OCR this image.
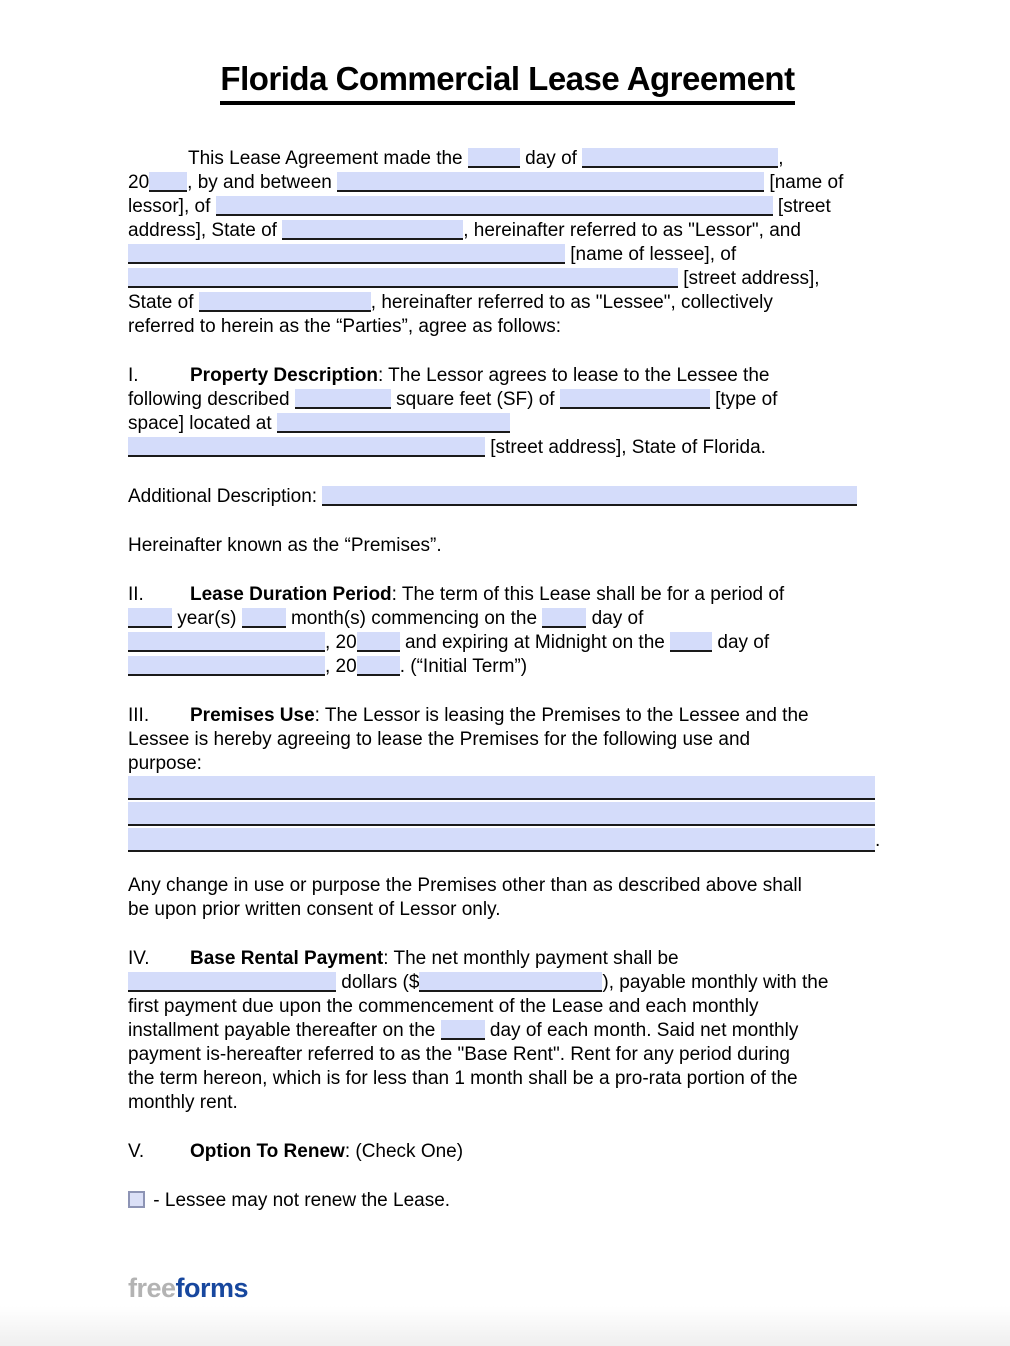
Florida Commercial Lease Agreement
This Lease Agreement made the	day of	,
20 , by and between	[name of
lessor], of	[street
address], State of	, hereinafter referred to as "Lessor", and
[name of lessee], of
[street address],
State of	, hereinafter referred to as "Lessee", collectively
referred to herein as the “Parties”, agree as follows:
I.	Property Description: The Lessor agrees to lease to the Lessee the
following described	square feet (SF) of	[type of
space] located at
[street address], State of Florida.
Additional Description:
Hereinafter known as the “Premises”.
II. Lease Duration Period: The term of this Lease shall be for a period of
year(s)  month(s) commencing on the  day of
, 20 and expiring at Midnight on the  day of
, 20 . (“Initial Term”)
III. Premises Use: The Lessor is leasing the Premises to the Lessee and the
Lessee is hereby agreeing to lease the Premises for the following use and
purpose:
.
Any change in use or purpose the Premises other than as described above shall
be upon prior written consent of Lessor only.
IV. Base Rental Payment: The net monthly payment shall be
dollars ($	), payable monthly with the
first payment due upon the commencement of the Lease and each monthly
installment payable thereafter on the  day of each month. Said net monthly
payment is-hereafter referred to as the "Base Rent". Rent for any period during
the term hereon, which is for less than 1 month shall be a pro-rata portion of the
monthly rent.
V. Option To Renew: (Check One)
- Lessee may not renew the Lease.
freeforms
